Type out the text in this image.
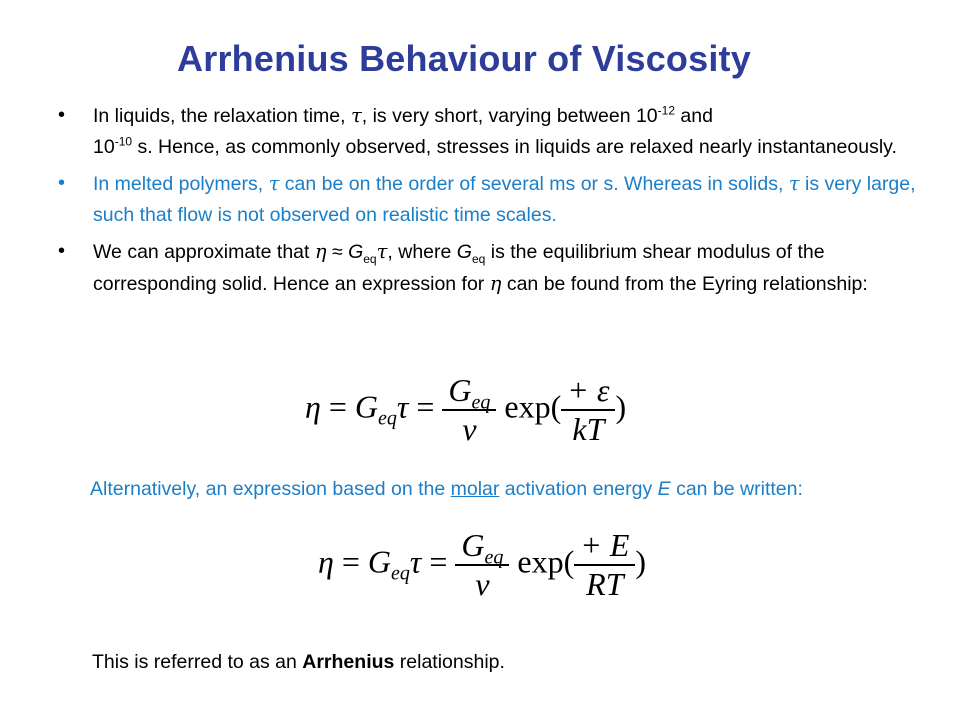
Arrhenius Behaviour of Viscosity
• In liquids, the relaxation time, τ, is very short, varying between $10^{-12}$ and
$10^{-10}$ s. Hence, as commonly observed, stresses in liquids are relaxed nearly instantaneously.
• In melted polymers, τ can be on the order of several ms or s. Whereas in solids, τ is very large, such that flow is not observed on realistic time scales.
• We can approximate that $\eta \approx G_{eq}\tau$, where $G_{eq}$ is the equilibrium shear modulus of the corresponding solid. Hence an expression for η can be found from the Eyring relationship:
$\eta = G_{eq}\tau = \frac{G_{eq}}{v} \exp( \frac{+ \varepsilon}{kT}$ )
Alternatively, an expression based on the molar activation energy E can be written:
$\eta = G_{eq}\tau = \frac{G_{eq}}{v} \exp( \frac{+ E}{RT}$ )
This is referred to as an Arrhenius relationship.
